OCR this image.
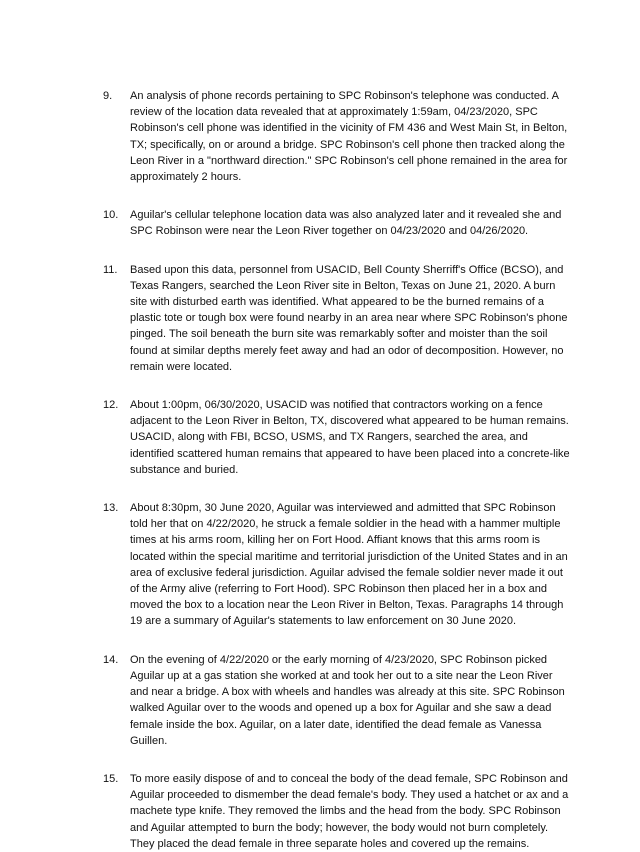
9.	An analysis of phone records pertaining to SPC Robinson's telephone was conducted. A review of the location data revealed that at approximately 1:59am, 04/23/2020, SPC Robinson's cell phone was identified in the vicinity of FM 436 and West Main St, in Belton, TX; specifically, on or around a bridge. SPC Robinson's cell phone then tracked along the Leon River in a "northward direction." SPC Robinson's cell phone remained in the area for approximately 2 hours.
10.	Aguilar's cellular telephone location data was also analyzed later and it revealed she and SPC Robinson were near the Leon River together on 04/23/2020 and 04/26/2020.
11.	Based upon this data, personnel from USACID, Bell County Sherriff's Office (BCSO), and Texas Rangers, searched the Leon River site in Belton, Texas on June 21, 2020. A burn site with disturbed earth was identified. What appeared to be the burned remains of a plastic tote or tough box were found nearby in an area near where SPC Robinson's phone pinged. The soil beneath the burn site was remarkably softer and moister than the soil found at similar depths merely feet away and had an odor of decomposition. However, no remain were located.
12.	About 1:00pm, 06/30/2020, USACID was notified that contractors working on a fence adjacent to the Leon River in Belton, TX, discovered what appeared to be human remains. USACID, along with FBI, BCSO, USMS, and TX Rangers, searched the area, and identified scattered human remains that appeared to have been placed into a concrete-like substance and buried.
13.	About 8:30pm, 30 June 2020, Aguilar was interviewed and admitted that SPC Robinson told her that on 4/22/2020, he struck a female soldier in the head with a hammer multiple times at his arms room, killing her on Fort Hood. Affiant knows that this arms room is located within the special maritime and territorial jurisdiction of the United States and in an area of exclusive federal jurisdiction. Aguilar advised the female soldier never made it out of the Army alive (referring to Fort Hood). SPC Robinson then placed her in a box and moved the box to a location near the Leon River in Belton, Texas. Paragraphs 14 through 19 are a summary of Aguilar's statements to law enforcement on 30 June 2020.
14.	On the evening of 4/22/2020 or the early morning of 4/23/2020, SPC Robinson picked Aguilar up at a gas station she worked at and took her out to a site near the Leon River and near a bridge. A box with wheels and handles was already at this site. SPC Robinson walked Aguilar over to the woods and opened up a box for Aguilar and she saw a dead female inside the box. Aguilar, on a later date, identified the dead female as Vanessa Guillen.
15.	To more easily dispose of and to conceal the body of the dead female, SPC Robinson and Aguilar proceeded to dismember the dead female's body. They used a hatchet or ax and a machete type knife. They removed the limbs and the head from the body. SPC Robinson and Aguilar attempted to burn the body; however, the body would not burn completely. They placed the dead female in three separate holes and covered up the remains.
